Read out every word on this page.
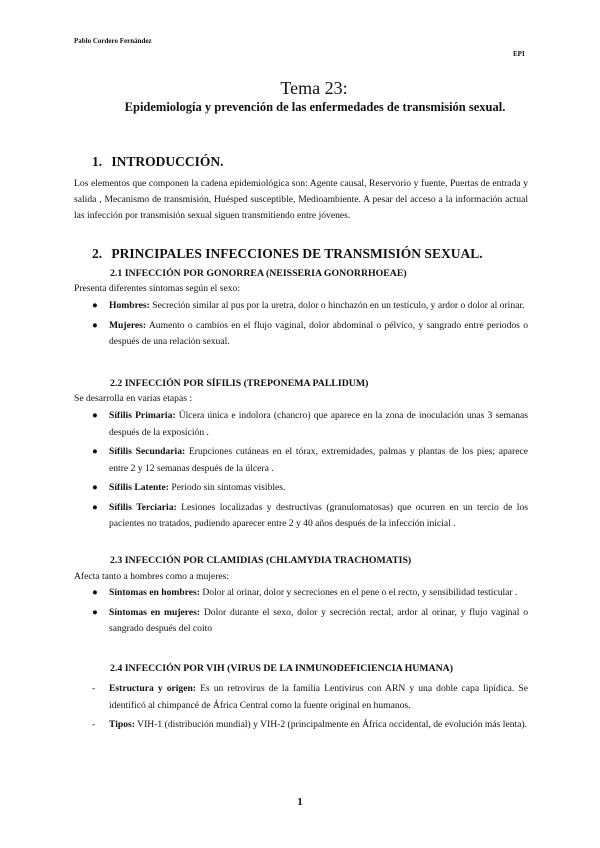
Pablo Cordero Fernández
EPI
Tema 23:
Epidemiología y prevención de las enfermedades de transmisión sexual.
1. INTRODUCCIÓN.
Los elementos que componen la cadena epidemiológica son: Agente causal, Reservorio y fuente, Puertas de entrada y salida , Mecanismo de transmisión, Huésped susceptible, Medioambiente. A pesar del acceso a la información actual las infección por transmisión sexual siguen transmitiendo entre jóvenes.
2. PRINCIPALES INFECCIONES DE TRANSMISIÓN SEXUAL.
2.1 INFECCIÓN POR GONORREA (NEISSERIA GONORRHOEAE)
Presenta diferentes síntomas según el sexo:
●	Hombres: Secreción similar al pus por la uretra, dolor o hinchazón en un testículo, y ardor o dolor al orinar.
●	Mujeres: Aumento o cambios en el flujo vaginal, dolor abdominal o pélvico, y sangrado entre periodos o después de una relación sexual.
2.2 INFECCIÓN POR SÍFILIS (TREPONEMA PALLIDUM)
Se desarrolla en varias etapas :
●	Sífilis Primaria: Úlcera única e indolora (chancro) que aparece en la zona de inoculación unas 3 semanas después de la exposición .
●	Sífilis Secundaria: Erupciones cutáneas en el tórax, extremidades, palmas y plantas de los pies; aparece entre 2 y 12 semanas después de la úlcera .
●	Sífilis Latente: Periodo sin síntomas visibles.
●	Sífilis Terciaria: Lesiones localizadas y destructivas (granulomatosas) que ocurren en un tercio de los pacientes no tratados, pudiendo aparecer entre 2 y 40 años después de la infección inicial .
2.3 INFECCIÓN POR CLAMIDIAS (CHLAMYDIA TRACHOMATIS)
Afecta tanto a hombres como a mujeres:
●	Síntomas en hombres: Dolor al orinar, dolor y secreciones en el pene o el recto, y sensibilidad testicular .
●	Síntomas en mujeres: Dolor durante el sexo, dolor y secreción rectal, ardor al orinar, y flujo vaginal o sangrado después del coito
2.4 INFECCIÓN POR VIH (VIRUS DE LA INMUNODEFICIENCIA HUMANA)
-	Estructura y origen: Es un retrovirus de la familia Lentivirus con ARN y una doble capa lipídica. Se identificó al chimpancé de África Central como la fuente original en humanos.
-	Tipos: VIH-1 (distribución mundial) y VIH-2 (principalmente en África occidental, de evolución más lenta).
1
